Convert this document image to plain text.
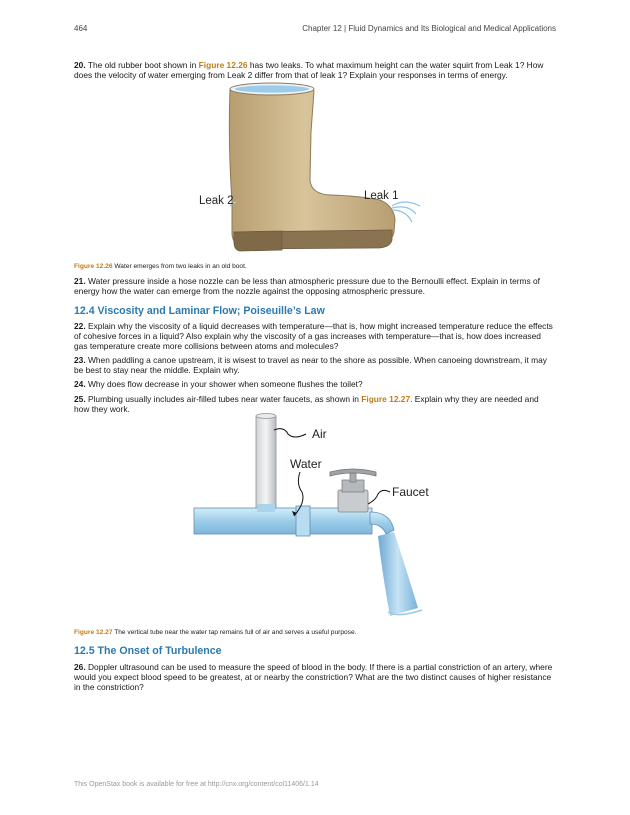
464	Chapter 12 | Fluid Dynamics and Its Biological and Medical Applications
20. The old rubber boot shown in Figure 12.26 has two leaks. To what maximum height can the water squirt from Leak 1? How does the velocity of water emerging from Leak 2 differ from that of leak 1? Explain your responses in terms of energy.
Leak 2	Leak 1
Figure 12.26 Water emerges from two leaks in an old boot.
21. Water pressure inside a hose nozzle can be less than atmospheric pressure due to the Bernoulli effect. Explain in terms of energy how the water can emerge from the nozzle against the opposing atmospheric pressure.
12.4 Viscosity and Laminar Flow; Poiseuille’s Law
22. Explain why the viscosity of a liquid decreases with temperature—that is, how might increased temperature reduce the effects of cohesive forces in a liquid? Also explain why the viscosity of a gas increases with temperature—that is, how does increased gas temperature create more collisions between atoms and molecules?
23. When paddling a canoe upstream, it is wisest to travel as near to the shore as possible. When canoeing downstream, it may be best to stay near the middle. Explain why.
24. Why does flow decrease in your shower when someone flushes the toilet?
25. Plumbing usually includes air-filled tubes near water faucets, as shown in Figure 12.27. Explain why they are needed and how they work.
Air
Water
Faucet
Figure 12.27 The vertical tube near the water tap remains full of air and serves a useful purpose.
12.5 The Onset of Turbulence
26. Doppler ultrasound can be used to measure the speed of blood in the body. If there is a partial constriction of an artery, where would you expect blood speed to be greatest, at or nearby the constriction? What are the two distinct causes of higher resistance in the constriction?
This OpenStax book is available for free at http://cnx.org/content/col11406/1.14
